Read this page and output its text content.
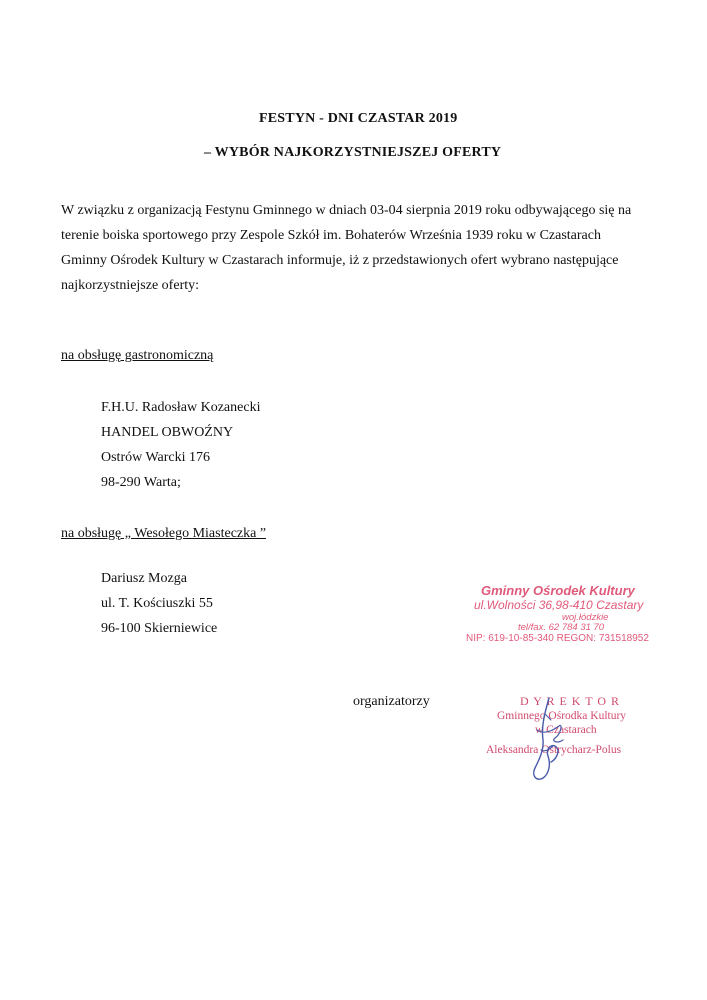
FESTYN - DNI CZASTAR 2019
– WYBÓR NAJKORZYSTNIEJSZEJ OFERTY
W związku z organizacją Festynu Gminnego w dniach 03-04 sierpnia 2019 roku odbywającego się na
terenie boiska sportowego przy Zespole Szkół im. Bohaterów Września 1939 roku w Czastarach
Gminny Ośrodek Kultury w Czastarach informuje, iż z przedstawionych ofert wybrano następujące
najkorzystniejsze oferty:
na obsługę gastronomiczną
F.H.U. Radosław Kozanecki
HANDEL OBWOŹNY
Ostrów Warcki 176
98-290 Warta;
na obsługę „ Wesołego Miasteczka ”
Dariusz Mozga
ul. T. Kościuszki 55
96-100 Skierniewice
Gminny Ośrodek Kultury
ul.Wolności 36,98-410 Czastary
woj.łódzkie
tel/fax. 62 784 31 70
NIP: 619-10-85-340 REGON: 731518952
organizatorzy	D Y R E K T O R
Gminnego Ośrodka Kultury
w Czastarach
Aleksandra Ostrycharz-Polus
